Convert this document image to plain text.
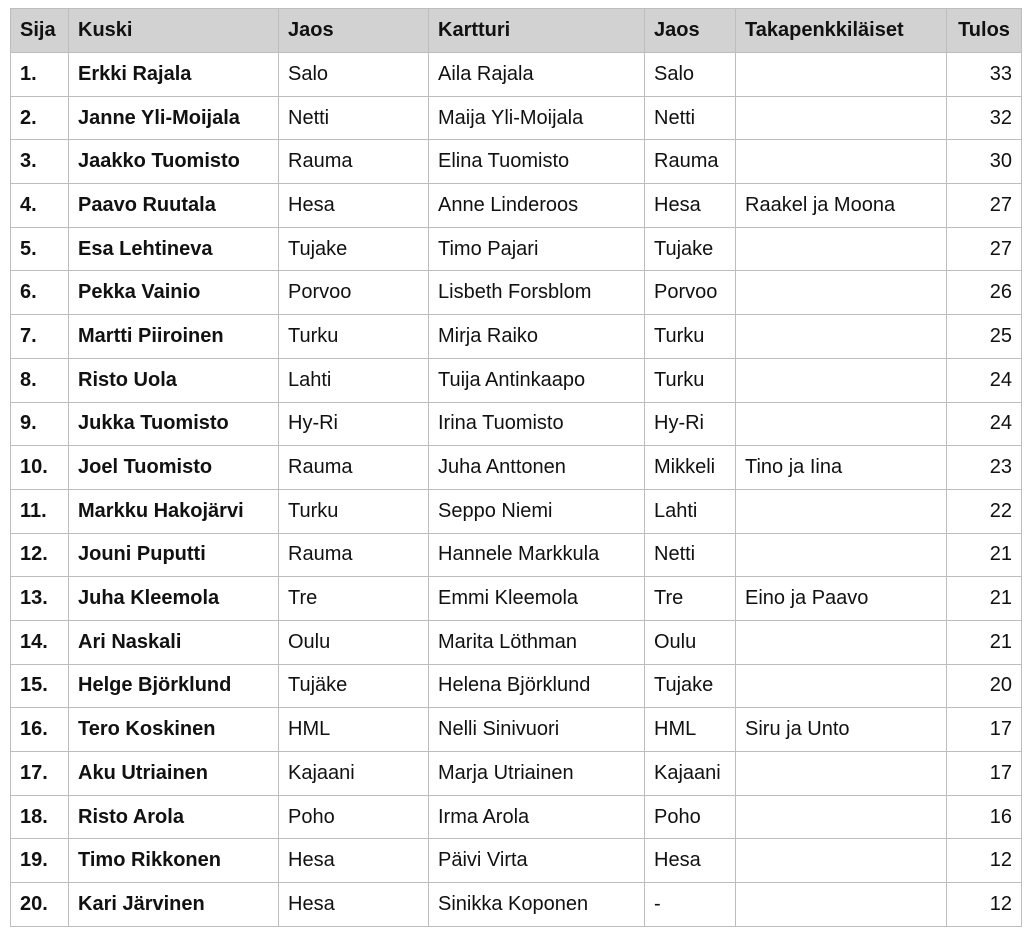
Sija	Kuski	Jaos	Kartturi	Jaos	Takapenkkiläiset	Tulos
1.	Erkki Rajala	Salo	Aila Rajala	Salo		33
2.	Janne Yli-Moijala	Netti	Maija Yli-Moijala	Netti		32
3.	Jaakko Tuomisto	Rauma	Elina Tuomisto	Rauma		30
4.	Paavo Ruutala	Hesa	Anne Linderoos	Hesa	Raakel ja Moona	27
5.	Esa Lehtineva	Tujake	Timo Pajari	Tujake		27
6.	Pekka Vainio	Porvoo	Lisbeth Forsblom	Porvoo		26
7.	Martti Piiroinen	Turku	Mirja Raiko	Turku		25
8.	Risto Uola	Lahti	Tuija Antinkaapo	Turku		24
9.	Jukka Tuomisto	Hy-Ri	Irina Tuomisto	Hy-Ri		24
10.	Joel Tuomisto	Rauma	Juha Anttonen	Mikkeli	Tino ja Iina	23
11.	Markku Hakojärvi	Turku	Seppo Niemi	Lahti		22
12.	Jouni Puputti	Rauma	Hannele Markkula	Netti		21
13.	Juha Kleemola	Tre	Emmi Kleemola	Tre	Eino ja Paavo	21
14.	Ari Naskali	Oulu	Marita Löthman	Oulu		21
15.	Helge Björklund	Tujäke	Helena Björklund	Tujake		20
16.	Tero Koskinen	HML	Nelli Sinivuori	HML	Siru ja Unto	17
17.	Aku Utriainen	Kajaani	Marja Utriainen	Kajaani		17
18.	Risto Arola	Poho	Irma Arola	Poho		16
19.	Timo Rikkonen	Hesa	Päivi Virta	Hesa		12
20.	Kari Järvinen	Hesa	Sinikka Koponen	-		12
